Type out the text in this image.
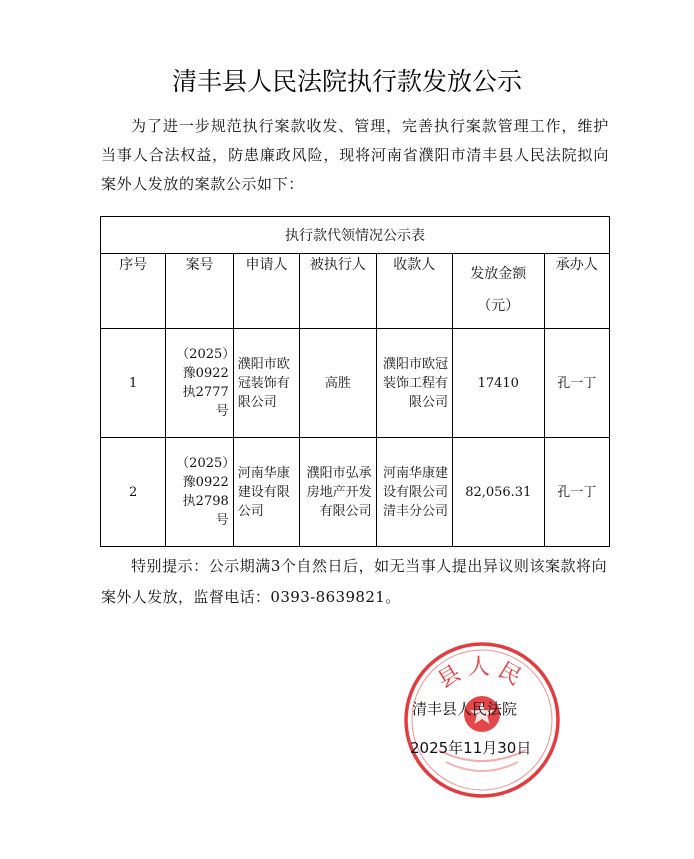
清丰县人民法院执行款发放公示
为了进一步规范执行案款收发、管理，完善执行案款管理工作，维护当事人合法权益，防患廉政风险，现将河南省濮阳市清丰县人民法院拟向案外人发放的案款公示如下：
执行款代领情况公示表						
序号	案号	申请人	被执行人	收款人	发放金额（元）	承办人
1	（2025）豫0922执2777号	濮阳市欧冠装饰有限公司	高胜	濮阳市欧冠装饰工程有限公司	17410	孔一丁
2	（2025）豫0922执2798号	河南华康建设有限公司	濮阳市弘承房地产开发有限公司	河南华康建设有限公司清丰分公司	82,056.31	孔一丁
特别提示：公示期满3个自然日后，如无当事人提出异议则该案款将向案外人发放，监督电话：0393-8639821。
县人民
清丰县人民法院
2025年11月30日
